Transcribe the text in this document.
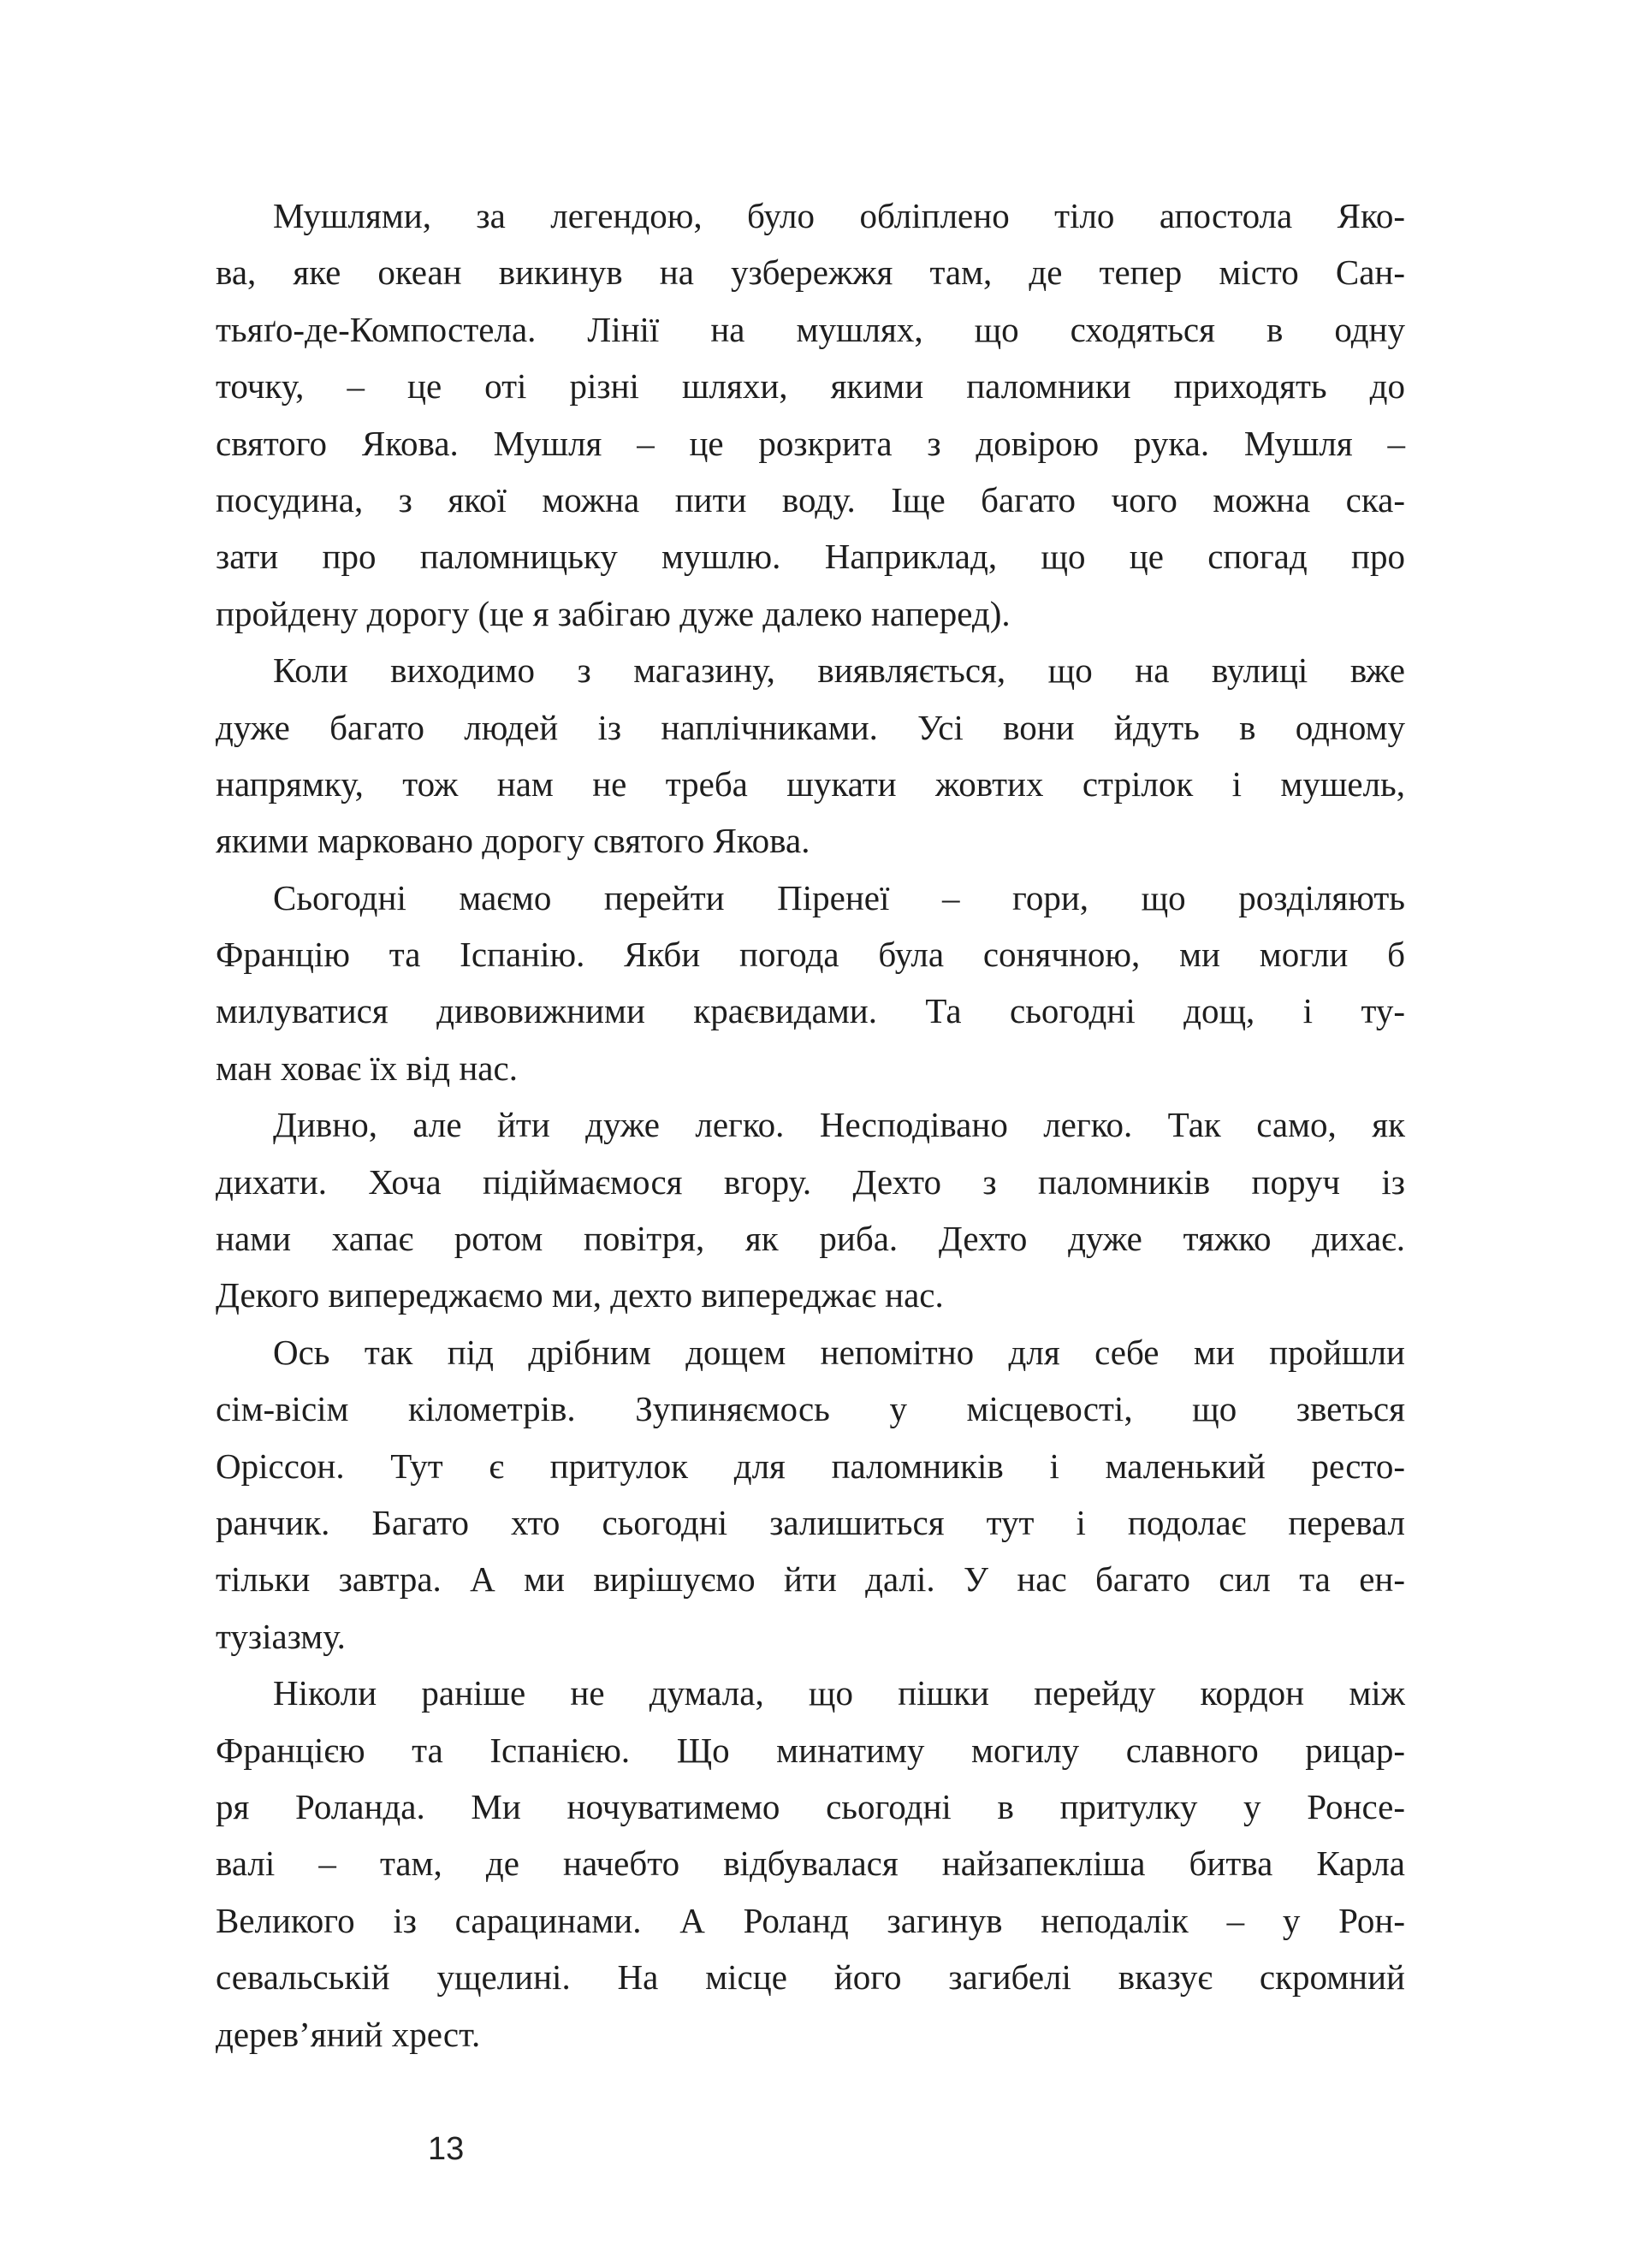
Мушлями, за легендою, було обліплено тіло апостола Яко-
ва, яке океан викинув на узбережжя там, де тепер місто Сан-
тьяґо-де-Компостела. Лінії на мушлях, що сходяться в одну
точку, – це оті різні шляхи, якими паломники приходять до
святого Якова. Мушля – це розкрита з довірою рука. Мушля –
посудина, з якої можна пити воду. Іще багато чого можна ска-
зати про паломницьку мушлю. Наприклад, що це спогад про
пройдену дорогу (це я забігаю дуже далеко наперед).
Коли виходимо з магазину, виявляється, що на вулиці вже
дуже багато людей із наплічниками. Усі вони йдуть в одному
напрямку, тож нам не треба шукати жовтих стрілок і мушель,
якими марковано дорогу святого Якова.
Сьогодні маємо перейти Піренеї – гори, що розділяють
Францію та Іспанію. Якби погода була сонячною, ми могли б
милуватися дивовижними краєвидами. Та сьогодні дощ, і ту-
ман ховає їх від нас.
Дивно, але йти дуже легко. Несподівано легко. Так само, як
дихати. Хоча підіймаємося вгору. Дехто з паломників поруч із
нами хапає ротом повітря, як риба. Дехто дуже тяжко дихає.
Декого випереджаємо ми, дехто випереджає нас.
Ось так під дрібним дощем непомітно для себе ми пройшли
сім-вісім кілометрів. Зупиняємось у місцевості, що зветься
Оріссон. Тут є притулок для паломників і маленький ресто-
ранчик. Багато хто сьогодні залишиться тут і подолає перевал
тільки завтра. А ми вирішуємо йти далі. У нас багато сил та ен-
тузіазму.
Ніколи раніше не думала, що пішки перейду кордон між
Францією та Іспанією. Що минатиму могилу славного рицар-
ря Роланда. Ми ночуватимемо сьогодні в притулку у Ронсе-
валі – там, де начебто відбувалася найзапекліша битва Карла
Великого із сарацинами. А Роланд загинув неподалік – у Рон-
севальській ущелині. На місце його загибелі вказує скромний
дерев’яний хрест.
13
